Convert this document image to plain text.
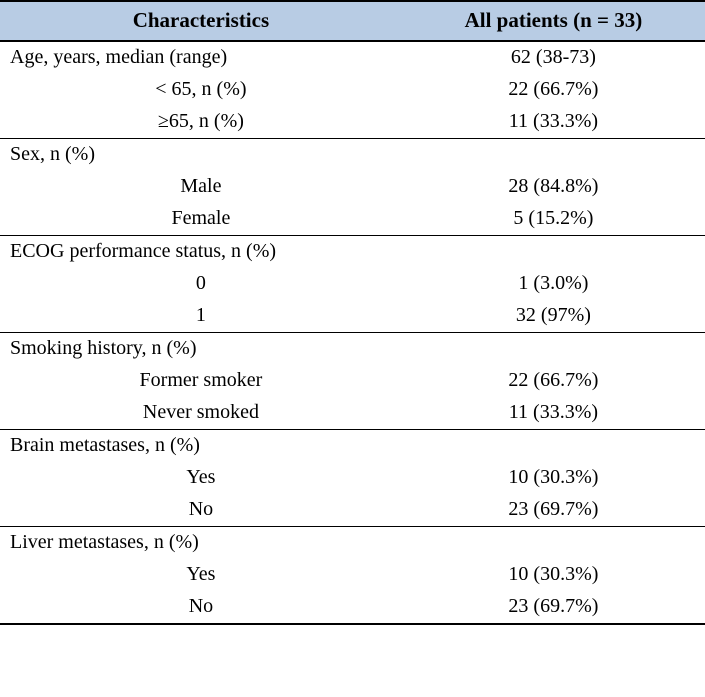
Characteristics	All patients (n = 33)
Age, years, median (range)	62 (38-73)
< 65, n (%)	22 (66.7%)
≥65, n (%)	11 (33.3%)
Sex, n (%)	
Male	28 (84.8%)
Female	5 (15.2%)
ECOG performance status, n (%)	
0	1 (3.0%)
1	32 (97%)
Smoking history, n (%)	
Former smoker	22 (66.7%)
Never smoked	11 (33.3%)
Brain metastases, n (%)	
Yes	10 (30.3%)
No	23 (69.7%)
Liver metastases, n (%)	
Yes	10 (30.3%)
No	23 (69.7%)
